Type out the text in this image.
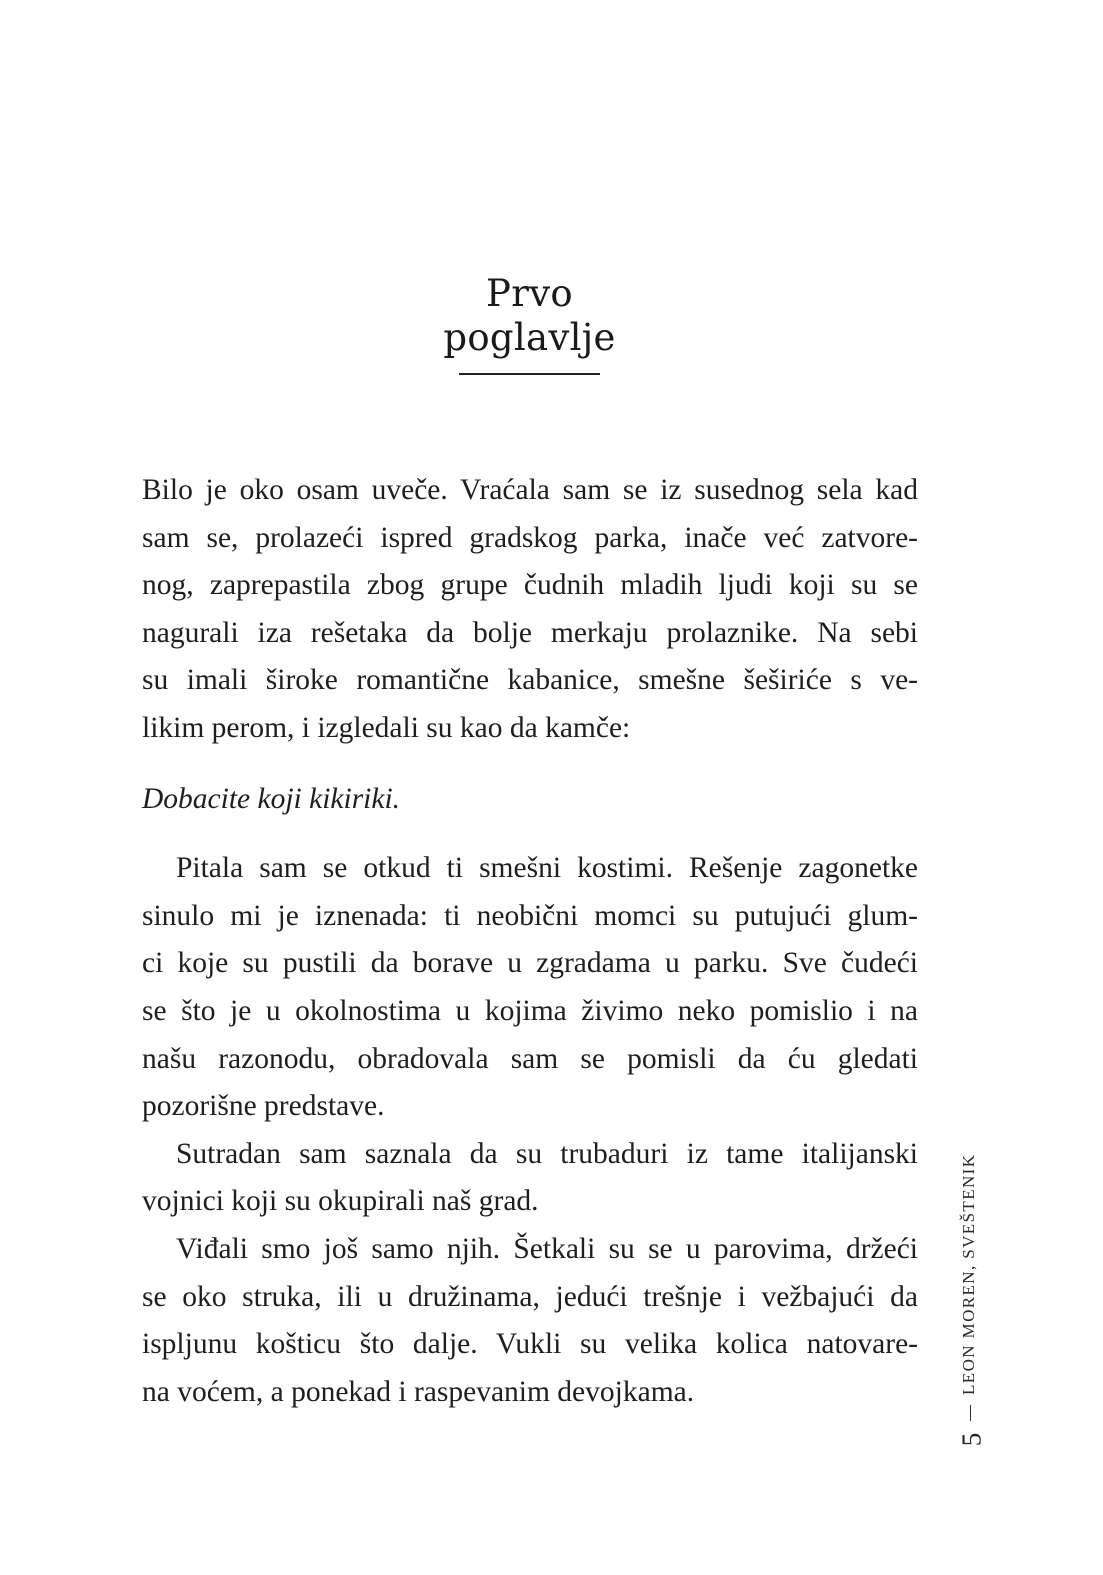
Prvo
poglavlje

Bilo je oko osam uveče. Vraćala sam se iz susednog sela kad
sam se, prolazeći ispred gradskog parka, inače već zatvore-
nog, zaprepastila zbog grupe čudnih mladih ljudi koji su se
nagurali iza rešetaka da bolje merkaju prolaznike. Na sebi
su imali široke romantične kabanice, smešne šeširiće s ve-
likim perom, i izgledali su kao da kamče:

Dobacite koji kikiriki.

Pitala sam se otkud ti smešni kostimi. Rešenje zagonetke
sinulo mi je iznenada: ti neobični momci su putujući glum-
ci koje su pustili da borave u zgradama u parku. Sve čudeći
se što je u okolnostima u kojima živimo neko pomislio i na
našu razonodu, obradovala sam se pomisli da ću gledati
pozorišne predstave.

Sutradan sam saznala da su trubaduri iz tame italijanski
vojnici koji su okupirali naš grad.

Viđali smo još samo njih. Šetkali su se u parovima, držeći
se oko struka, ili u družinama, jedući trešnje i vežbajući da
ispljunu košticu što dalje. Vukli su velika kolica natovare-
na voćem, a ponekad i raspevanim devojkama.	LEON MOREN, SVEŠTENIK
5
